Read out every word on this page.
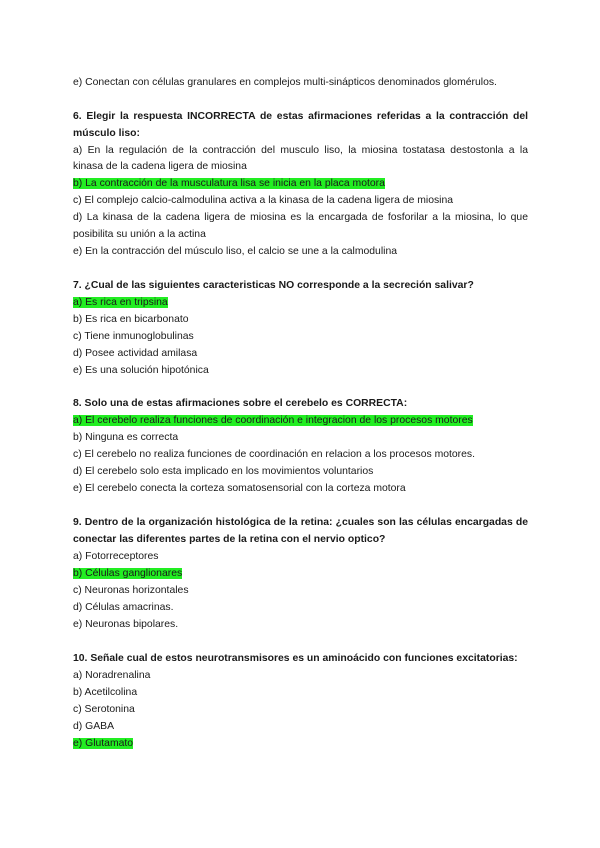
e) Conectan con células granulares en complejos multi-sinápticos denominados glomérulos.
6. Elegir la respuesta INCORRECTA de estas afirmaciones referidas a la contracción del
músculo liso:
a) En la regulación de la contracción del musculo liso, la miosina tostatasa destostonla a la
kinasa de la cadena ligera de miosina
b) La contracción de la musculatura lisa se inicia en la placa motora
c) El complejo calcio-calmodulina activa a la kinasa de la cadena ligera de miosina
d) La kinasa de la cadena ligera de miosina es la encargada de fosforilar a la miosina, lo que
posibilita su unión a la actina
e) En la contracción del músculo liso, el calcio se une a la calmodulina
7. ¿Cual de las siguientes caracteristicas NO corresponde a la secreción salivar?
a) Es rica en tripsina
b) Es rica en bicarbonato
c) Tiene inmunoglobulinas
d) Posee actividad amilasa
e) Es una solución hipotónica
8. Solo una de estas afirmaciones sobre el cerebelo es CORRECTA:
a) El cerebelo realiza funciones de coordinación e integracion de los procesos motores
b) Ninguna es correcta
c) El cerebelo no realiza funciones de coordinación en relacion a los procesos motores.
d) El cerebelo solo esta implicado en los movimientos voluntarios
e) El cerebelo conecta la corteza somatosensorial con la corteza motora
9. Dentro de la organización histológica de la retina: ¿cuales son las células encargadas de
conectar las diferentes partes de la retina con el nervio optico?
a) Fotorreceptores
b) Células ganglionares
c) Neuronas horizontales
d) Células amacrinas.
e) Neuronas bipolares.
10. Señale cual de estos neurotransmisores es un aminoácido con funciones excitatorias:
a) Noradrenalina
b) Acetilcolina
c) Serotonina
d) GABA
e) Glutamato
